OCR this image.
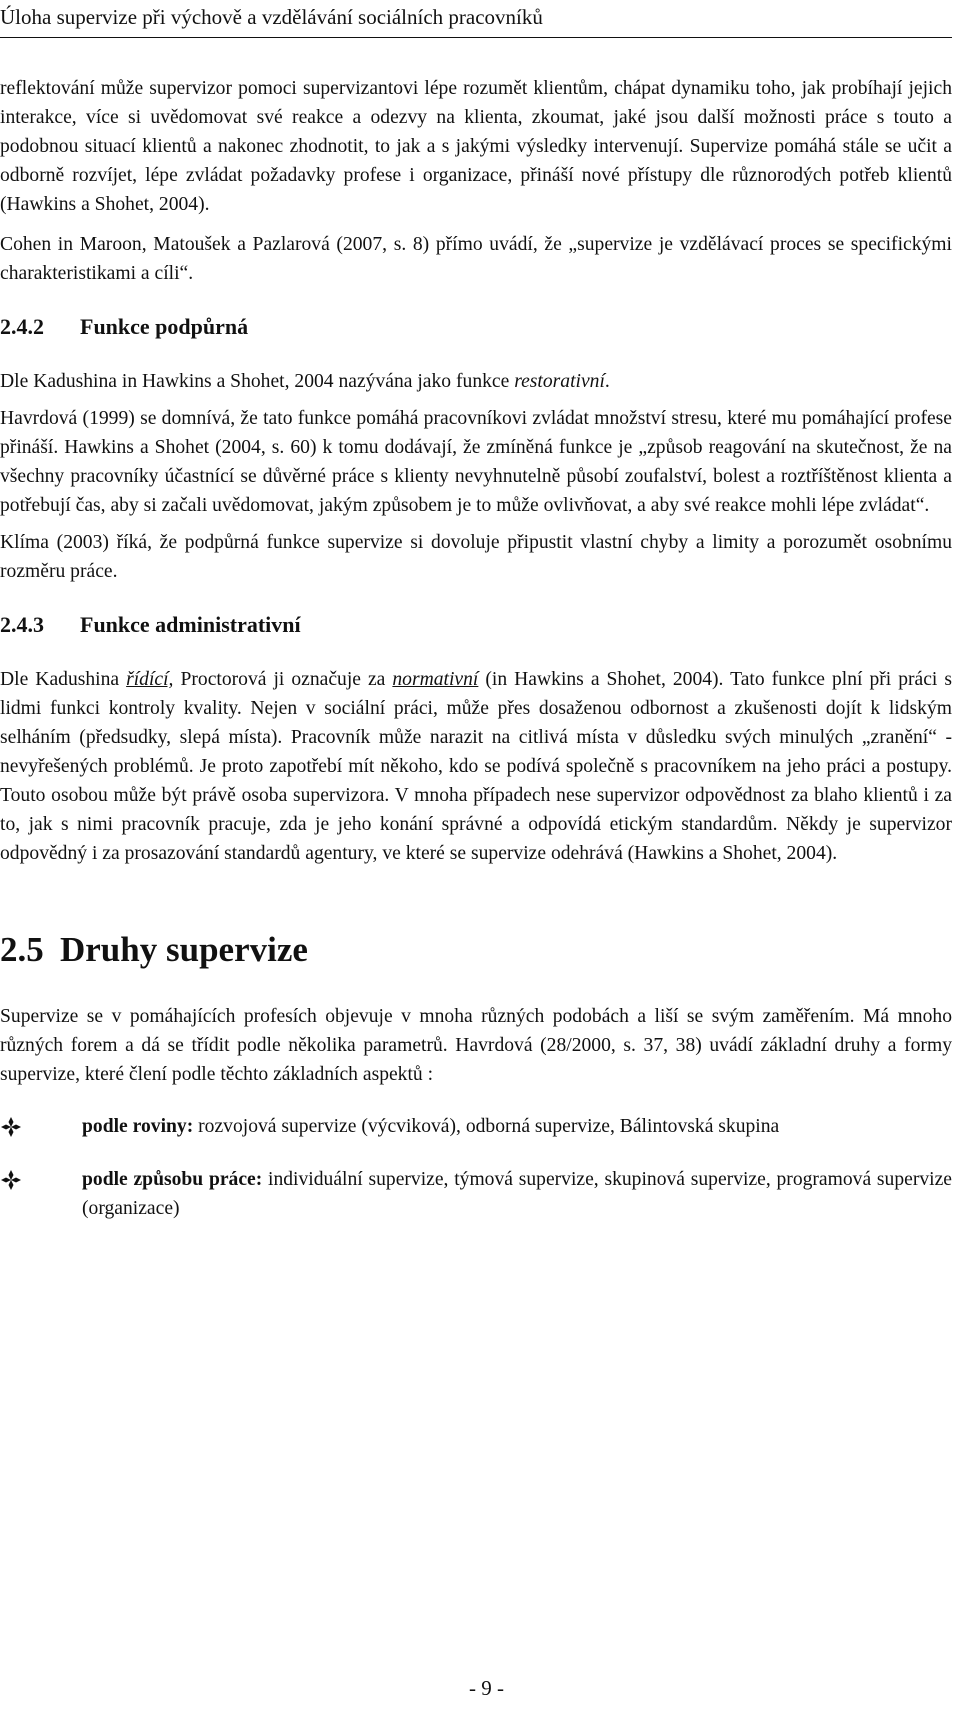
Úloha supervize při výchově a vzdělávání sociálních pracovníků

reflektování může supervizor pomoci supervizantovi lépe rozumět klientům, chápat dynamiku toho, jak probíhají jejich interakce, více si uvědomovat své reakce a odezvy na klienta, zkoumat, jaké jsou další možnosti práce s touto a podobnou situací klientů a nakonec zhodnotit, to jak a s jakými výsledky intervenují. Supervize pomáhá stále se učit a odborně rozvíjet, lépe zvládat požadavky profese i organizace, přináší nové přístupy dle různorodých potřeb klientů (Hawkins a Shohet, 2004).

Cohen in Maroon, Matoušek a Pazlarová (2007, s. 8) přímo uvádí, že „supervize je vzdělávací proces se specifickými charakteristikami a cíli“.

2.4.2 Funkce podpůrná

Dle Kadushina in Hawkins a Shohet, 2004 nazývána jako funkce restorativní.

Havrdová (1999) se domnívá, že tato funkce pomáhá pracovníkovi zvládat množství stresu, které mu pomáhající profese přináší. Hawkins a Shohet (2004, s. 60) k tomu dodávají, že zmíněná funkce je „způsob reagování na skutečnost, že na všechny pracovníky účastnící se důvěrné práce s klienty nevyhnutelně působí zoufalství, bolest a roztříštěnost klienta a potřebují čas, aby si začali uvědomovat, jakým způsobem je to může ovlivňovat, a aby své reakce mohli lépe zvládat“.

Klíma (2003) říká, že podpůrná funkce supervize si dovoluje připustit vlastní chyby a limity a porozumět osobnímu rozměru práce.

2.4.3 Funkce administrativní

Dle Kadushina řídící, Proctorová ji označuje za normativní (in Hawkins a Shohet, 2004). Tato funkce plní při práci s lidmi funkci kontroly kvality. Nejen v sociální práci, může přes dosaženou odbornost a zkušenosti dojít k lidským selháním (předsudky, slepá místa). Pracovník může narazit na citlivá místa v důsledku svých minulých „zranění“ - nevyřešených problémů. Je proto zapotřebí mít někoho, kdo se podívá společně s pracovníkem na jeho práci a postupy. Touto osobou může být právě osoba supervizora. V mnoha případech nese supervizor odpovědnost za blaho klientů i za to, jak s nimi pracovník pracuje, zda je jeho konání správné a odpovídá etickým standardům. Někdy je supervizor odpovědný i za prosazování standardů agentury, ve které se supervize odehrává (Hawkins a Shohet, 2004).

2.5 Druhy supervize

Supervize se v pomáhajících profesích objevuje v mnoha různých podobách a liší se svým zaměřením. Má mnoho různých forem a dá se třídit podle několika parametrů. Havrdová (28/2000, s. 37, 38) uvádí základní druhy a formy supervize, které člení podle těchto základních aspektů :

podle roviny: rozvojová supervize (výcviková), odborná supervize, Bálintovská skupina
podle způsobu práce: individuální supervize, týmová supervize, skupinová supervize, programová supervize (organizace)
- 9 -
